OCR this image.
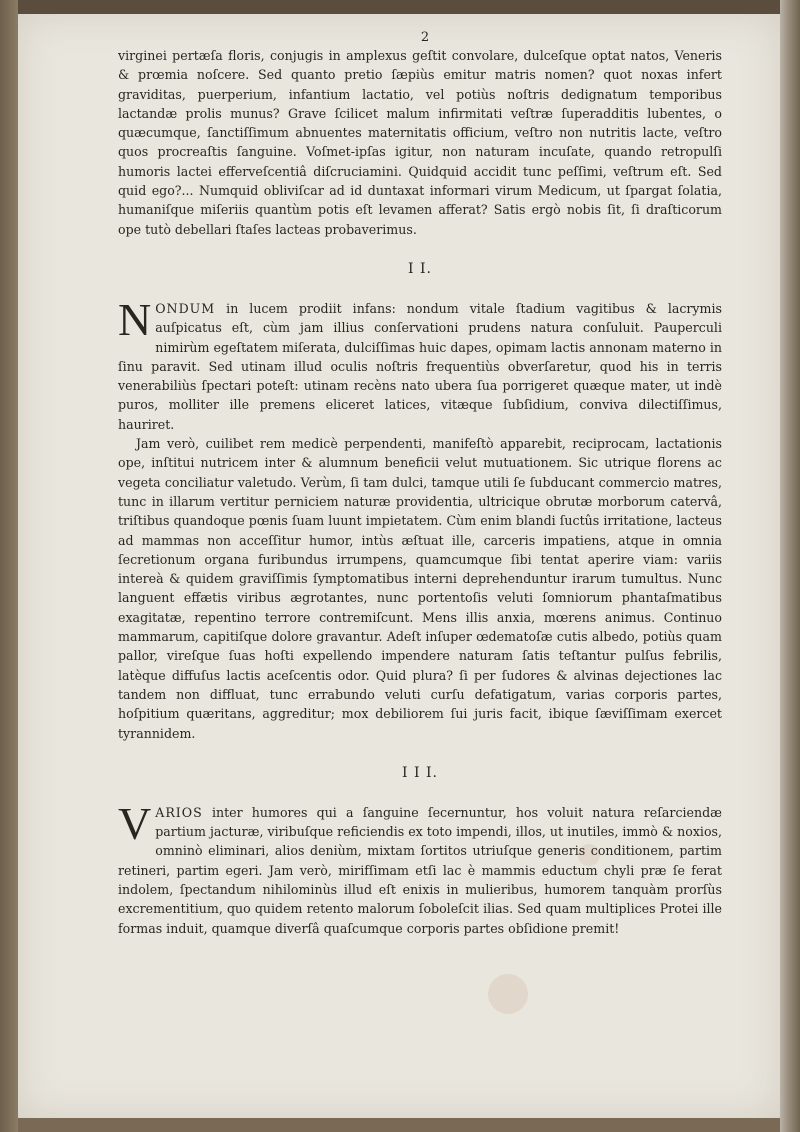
2

virginei pertæſa floris, conjugis in amplexus geſtit convolare, dulceſque optat natos, Veneris & prœmia noſcere. Sed quanto pretio ſæpiùs emitur matris nomen? quot noxas infert graviditas, puerperium, infantium lactatio, vel potiùs noſtris dedignatum temporibus lactandæ prolis munus? Grave ſcilicet malum infirmitati veſtræ ſuperadditis lubentes, o quæcumque, ſanctiſſimum abnuentes maternitatis officium, veſtro non nutritis lacte, veſtro quos procreaſtis ſanguine. Voſmet-ipſas igitur, non naturam incuſate, quando retropulſi humoris lactei effervеſcentiâ diſcruciamini. Quidquid accidit tunc peſſimi, veſtrum eſt. Sed quid ego?... Numquid oblivіſcar ad id duntaxat informari virum Medicum, ut ſpargat ſolatia, humaniſque miſeriis quantùm potis eſt levamen afferat? Satis ergò nobis ſit, ſi draſticorum ope tutò debellari ſtaſes lacteas probaverimus.

I I.

NONDUM in lucem prodiit infans: nondum vitale ſtadium vagitibus & lacrymis auſpicatus eſt, cùm jam illius conſervationi prudens natura conſuluit. Pauperculi nimirùm egeſtatem miſerata, dulciſſimas huic dapes, opimam lactis annonam materno in ſinu paravit. Sed utinam illud oculis noſtris frequentiùs obverſaretur, quod his in terris venerabiliùs ſpectari poteſt: utinam recèns nato ubera ſua porrigeret quæque mater, ut indè puros, molliter ille premens eliceret latices, vitæque ſubſidium, conviva dilectiſſimus, hauriret.

Jam verò, cuilibet rem medicè perpendenti, manifeſtò apparebit, reciprocam, lactationis ope, inſtitui nutricem inter & alumnum beneficii velut mutuationem. Sic utrique florens ac vegeta conciliatur valetudo. Verùm, ſi tam dulci, tamque utili ſe ſubducant commercio matres, tunc in illarum vertitur perniciem naturæ providentia, ultricique obrutæ morborum catervâ, triſtibus quandoque pœnis ſuam luunt impietatem. Cùm enim blandi ſuctûs irritatione, lacteus ad mammas non acceſſitur humor, intùs æſtuat ille, carceris impatiens, atque in omnia ſecretionum organa furibundus irrumpens, quamcumque ſibi tentat aperire viam: variis intereà & quidem graviſſimis ſymptomatibus interni deprehenduntur irarum tumultus. Nunc languent effætis viribus ægrotantes, nunc portentoſis veluti ſomniorum phantaſmatibus exagitatæ, repentino terrore contremiſcunt. Mens illis anxia, mœrens animus. Continuo mammarum, capitiſque dolore gravantur. Adeſt inſuper œdematoſæ cutis albedo, potiùs quam pallor, vireſque ſuas hoſti expellendo impendere naturam ſatis teſtantur pulſus febrilis, latèque diffuſus lactis aceſcentis odor. Quid plura? ſi per ſudores & alvinas dejectiones lac tandem non diffluat, tunc errabundo veluti curſu defatigatum, varias corporis partes, hoſpitium quæritans, aggreditur; mox debiliorem ſui juris facit, ibique ſæviſſimam exercet tyrannidem.

I I I.

VARIOS inter humores qui a ſanguine ſecernuntur, hos voluit natura reſarciendæ partium jacturæ, viribuſque reficiendis ex toto impendi, illos, ut inutiles, immò & noxios, omninò eliminari, alios deniùm, mixtam ſortitos utriuſque generis conditionem, partim retineri, partim egeri. Jam verò, mirifſimam etſi lac è mammis eductum chyli præ ſe ferat indolem, ſpectandum nihilominùs illud eſt enixis in mulieribus, humorem tanquàm prorſùs excrementitium, quo quidem retento malorum ſoboleſcit ilias. Sed quam multiplices Protei ille formas induit, quamque diverſâ quaſcumque corporis partes obſidione premit!
